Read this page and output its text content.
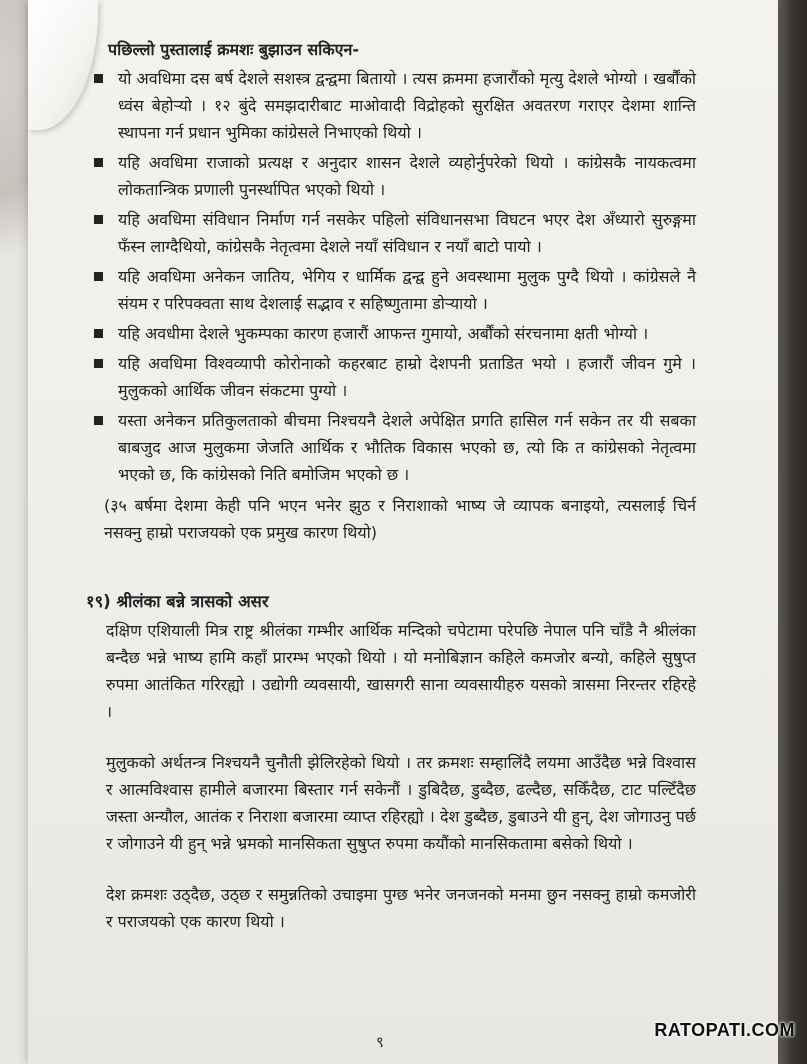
पछिल्लो पुस्तालाई क्रमशः बुझाउन सकिएन-
यो अवधिमा दस बर्ष देशले सशस्त्र द्वन्द्वमा बितायो । त्यस क्रममा हजारौंको मृत्यु देशले भोग्यो । खर्बौंको ध्वंस बेहोर्‍यो । १२ बुंदे समझदारीबाट माओवादी विद्रोहको सुरक्षित अवतरण गराएर देशमा शान्ति स्थापना गर्न प्रधान भुमिका कांग्रेसले निभाएको थियो ।
यहि अवधिमा राजाको प्रत्यक्ष र अनुदार शासन देशले व्यहोर्नुपरेको थियो । कांग्रेसकै नायकत्वमा लोकतान्त्रिक प्रणाली पुनर्स्थापित भएको थियो ।
यहि अवधिमा संविधान निर्माण गर्न नसकेर पहिलो संविधानसभा विघटन भएर देश अँध्यारो सुरुङ्गमा फँस्न लाग्दैथियो, कांग्रेसकै नेतृत्वमा देशले नयाँ संविधान र नयाँ बाटो पायो ।
यहि अवधिमा अनेकन जातिय, भेगिय र धार्मिक द्वन्द्व हुने अवस्थामा मुलुक पुग्दै थियो । कांग्रेसले नै संयम र परिपक्वता साथ देशलाई सद्भाव र सहिष्णुतामा डोर्‍यायो ।
यहि अवधीमा देशले भुकम्पका कारण हजारौं आफन्त गुमायो, अर्बौंको संरचनामा क्षती भोग्यो ।
यहि अवधिमा विश्वव्यापी कोरोनाको कहरबाट हाम्रो देशपनी प्रताडित भयो । हजारौं जीवन गुमे । मुलुकको आर्थिक जीवन संकटमा पुग्यो ।
यस्ता अनेकन प्रतिकुलताको बीचमा निश्चयनै देशले अपेक्षित प्रगति हासिल गर्न सकेन तर यी सबका बाबजुद आज मुलुकमा जेजति आर्थिक र भौतिक विकास भएको छ, त्यो कि त कांग्रेसको नेतृत्वमा भएको छ, कि कांग्रेसको निति बमोजिम भएको छ ।
(३५ बर्षमा देशमा केही पनि भएन भनेर झुठ र निराशाको भाष्य जे व्यापक बनाइयो, त्यसलाई चिर्न नसक्नु हाम्रो पराजयको एक प्रमुख कारण थियो)
१९) श्रीलंका बन्ने त्रासको असर
दक्षिण एशियाली मित्र राष्ट्र श्रीलंका गम्भीर आर्थिक मन्दिको चपेटामा परेपछि नेपाल पनि चाँडै नै श्रीलंका बन्दैछ भन्ने भाष्य हामि कहाँ प्रारम्भ भएको थियो । यो मनोबिज्ञान कहिले कमजोर बन्यो, कहिले सुषुप्त रुपमा आतंकित गरिरह्यो । उद्योगी व्यवसायी, खासगरी साना व्यवसायीहरु यसको त्रासमा निरन्तर रहिरहे ।
मुलुकको अर्थतन्त्र निश्चयनै चुनौती झेलिरहेको थियो । तर क्रमशः सम्हालिंदै लयमा आउँदैछ भन्ने विश्वास र आत्मविश्वास हामीले बजारमा बिस्तार गर्न सकेनौं । डुबिदैछ, डुब्दैछ, ढल्दैछ, सकिँदैछ, टाट पल्टिँदैछ जस्ता अन्यौल, आतंक र निराशा बजारमा व्याप्त रहिरह्यो । देश डुब्दैछ, डुबाउने यी हुन्, देश जोगाउनु पर्छ र जोगाउने यी हुन् भन्ने भ्रमको मानसिकता सुषुप्त रुपमा कयौंको मानसिकतामा बसेको थियो ।
देश क्रमशः उठ्दैछ, उठ्छ र समुन्नतिको उचाइमा पुग्छ भनेर जनजनको मनमा छुन नसक्नु हाम्रो कमजोरी र पराजयको एक कारण थियो ।
९
RATOPATI.COM
